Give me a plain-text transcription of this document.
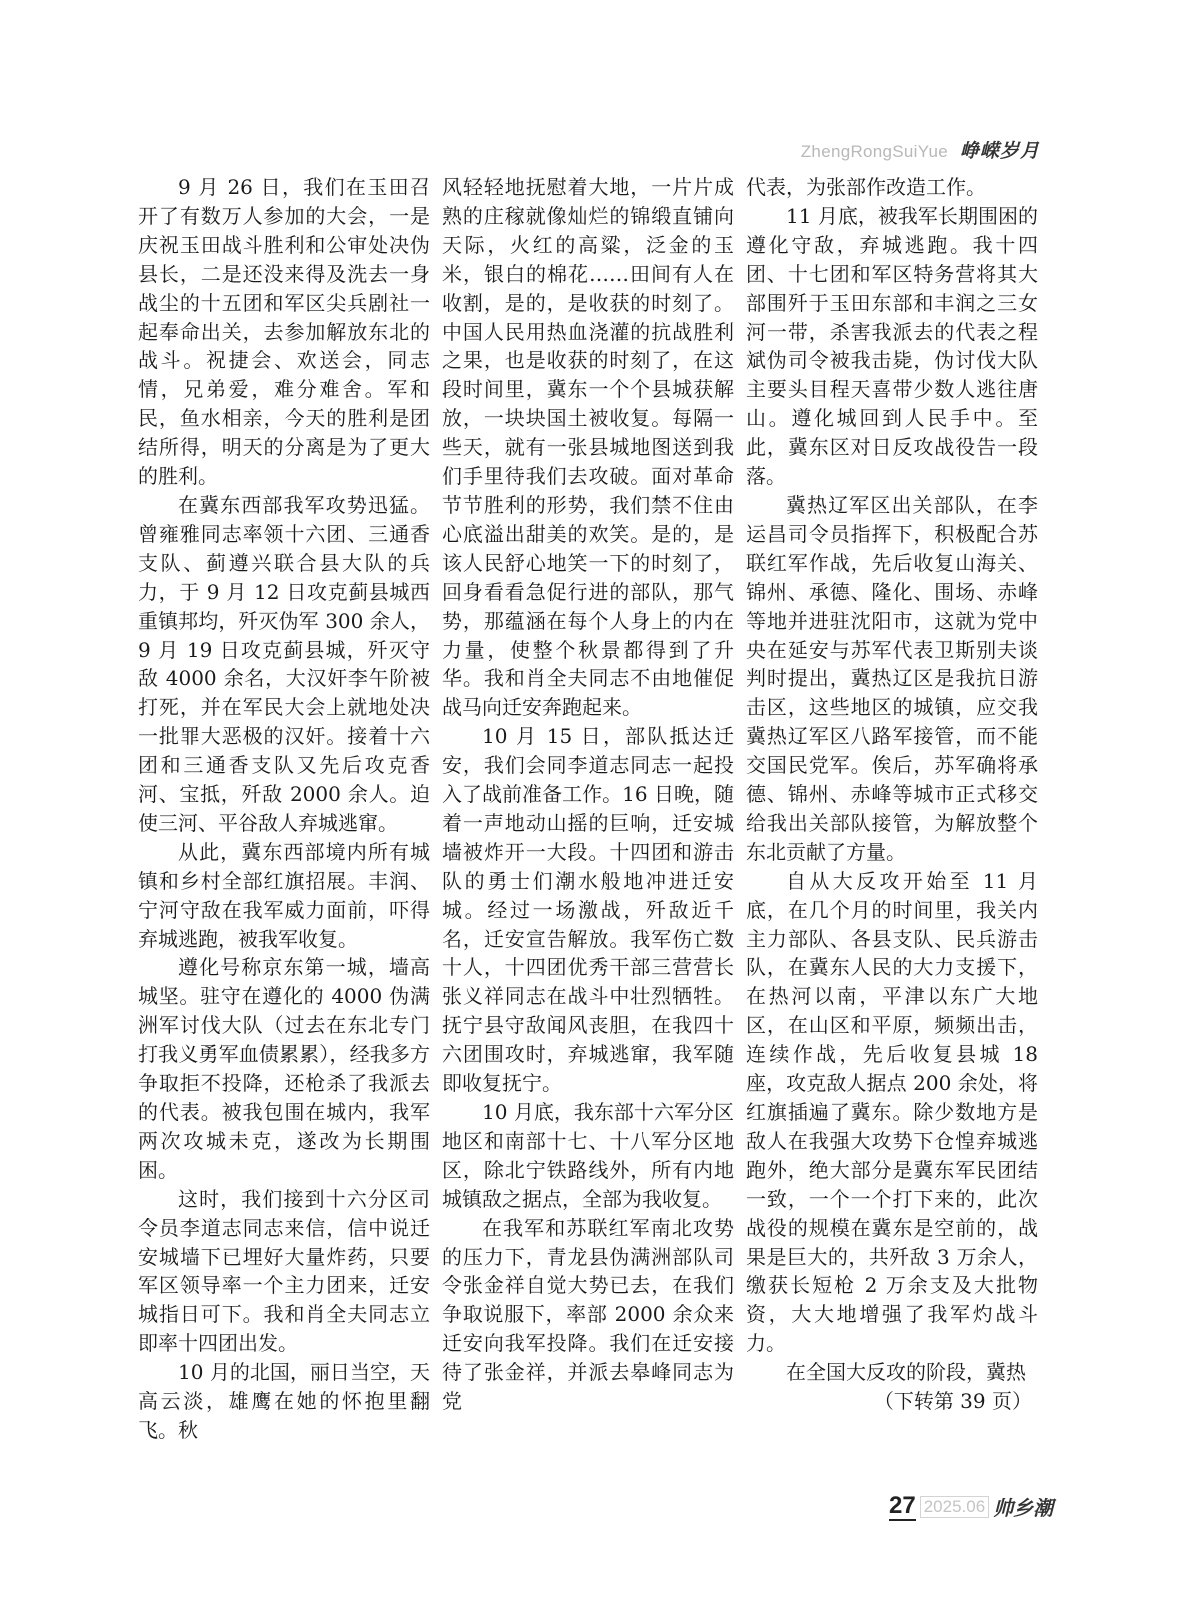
ZhengRongSuiYue 峥嵘岁月

9 月 26 日，我们在玉田召开了有数万人参加的大会，一是庆祝玉田战斗胜利和公审处决伪县长，二是还没来得及洗去一身战尘的十五团和军区尖兵剧社一起奉命出关，去参加解放东北的战斗。祝捷会、欢送会，同志情，兄弟爱，难分难舍。军和民，鱼水相亲，今天的胜利是团结所得，明天的分离是为了更大的胜利。

在冀东西部我军攻势迅猛。曾雍雅同志率领十六团、三通香支队、蓟遵兴联合县大队的兵力，于 9 月 12 日攻克蓟县城西重镇邦均，歼灭伪军 300 余人，9 月 19 日攻克蓟县城，歼灭守敌 4000 余名，大汉奸李午阶被打死，并在军民大会上就地处决一批罪大恶极的汉奸。接着十六团和三通香支队又先后攻克香河、宝抵，歼敌 2000 余人。迫使三河、平谷敌人弃城逃窜。

从此，冀东西部境内所有城镇和乡村全部红旗招展。丰润、宁河守敌在我军威力面前，吓得弃城逃跑，被我军收复。

遵化号称京东第一城，墙高城坚。驻守在遵化的 4000 伪满洲军讨伐大队（过去在东北专门打我义勇军血债累累），经我多方争取拒不投降，还枪杀了我派去的代表。被我包围在城内，我军两次攻城未克，遂改为长期围困。

这时，我们接到十六分区司令员李道志同志来信，信中说迁安城墙下已埋好大量炸药，只要军区领导率一个主力团来，迁安城指日可下。我和肖全夫同志立即率十四团出发。

10 月的北国，丽日当空，天高云淡，雄鹰在她的怀抱里翻飞。秋

风轻轻地抚慰着大地，一片片成熟的庄稼就像灿烂的锦缎直铺向天际，火红的高粱，泛金的玉米，银白的棉花……田间有人在收割，是的，是收获的时刻了。中国人民用热血浇灌的抗战胜利之果，也是收获的时刻了，在这段时间里，冀东一个个县城获解放，一块块国土被收复。每隔一些天，就有一张县城地图送到我们手里待我们去攻破。面对革命节节胜利的形势，我们禁不住由心底溢出甜美的欢笑。是的，是该人民舒心地笑一下的时刻了，回身看看急促行进的部队，那气势，那蕴涵在每个人身上的内在力量，使整个秋景都得到了升华。我和肖全夫同志不由地催促战马向迁安奔跑起来。

10 月 15 日，部队抵达迁安，我们会同李道志同志一起投入了战前准备工作。16 日晚，随着一声地动山摇的巨响，迁安城墙被炸开一大段。十四团和游击队的勇士们潮水般地冲进迁安城。经过一场激战，歼敌近千名，迁安宣告解放。我军伤亡数十人，十四团优秀干部三营营长张义祥同志在战斗中壮烈牺牲。抚宁县守敌闻风丧胆，在我四十六团围攻时，弃城逃窜，我军随即收复抚宁。

10 月底，我东部十六军分区地区和南部十七、十八军分区地区，除北宁铁路线外，所有内地城镇敌之据点，全部为我收复。

在我军和苏联红军南北攻势的压力下，青龙县伪满洲部队司令张金祥自觉大势已去，在我们争取说服下，率部 2000 余众来迁安向我军投降。我们在迁安接待了张金祥，并派去皋峰同志为党

代表，为张部作改造工作。

11 月底，被我军长期围困的遵化守敌，弃城逃跑。我十四团、十七团和军区特务营将其大部围歼于玉田东部和丰润之三女河一带，杀害我派去的代表之程斌伪司令被我击毙，伪讨伐大队主要头目程天喜带少数人逃往唐山。遵化城回到人民手中。至此，冀东区对日反攻战役告一段落。

冀热辽军区出关部队，在李运昌司令员指挥下，积极配合苏联红军作战，先后收复山海关、锦州、承德、隆化、围场、赤峰等地并进驻沈阳市，这就为党中央在延安与苏军代表卫斯别夫谈判时提出，冀热辽区是我抗日游击区，这些地区的城镇，应交我冀热辽军区八路军接管，而不能交国民党军。俟后，苏军确将承德、锦州、赤峰等城市正式移交给我出关部队接管，为解放整个东北贡献了方量。

自从大反攻开始至 11 月底，在几个月的时间里，我关内主力部队、各县支队、民兵游击队，在冀东人民的大力支援下，在热河以南，平津以东广大地区，在山区和平原，频频出击，连续作战，先后收复县城 18 座，攻克敌人据点 200 余处，将红旗插遍了冀东。除少数地方是敌人在我强大攻势下仓惶弃城逃跑外，绝大部分是冀东军民团结一致，一个一个打下来的，此次战役的规模在冀东是空前的，战果是巨大的，共歼敌 3 万余人，缴获长短枪 2 万余支及大批物资，大大地增强了我军灼战斗力。

在全国大反攻的阶段，冀热

（下转第 39 页）

27 2025.06 帅乡潮
